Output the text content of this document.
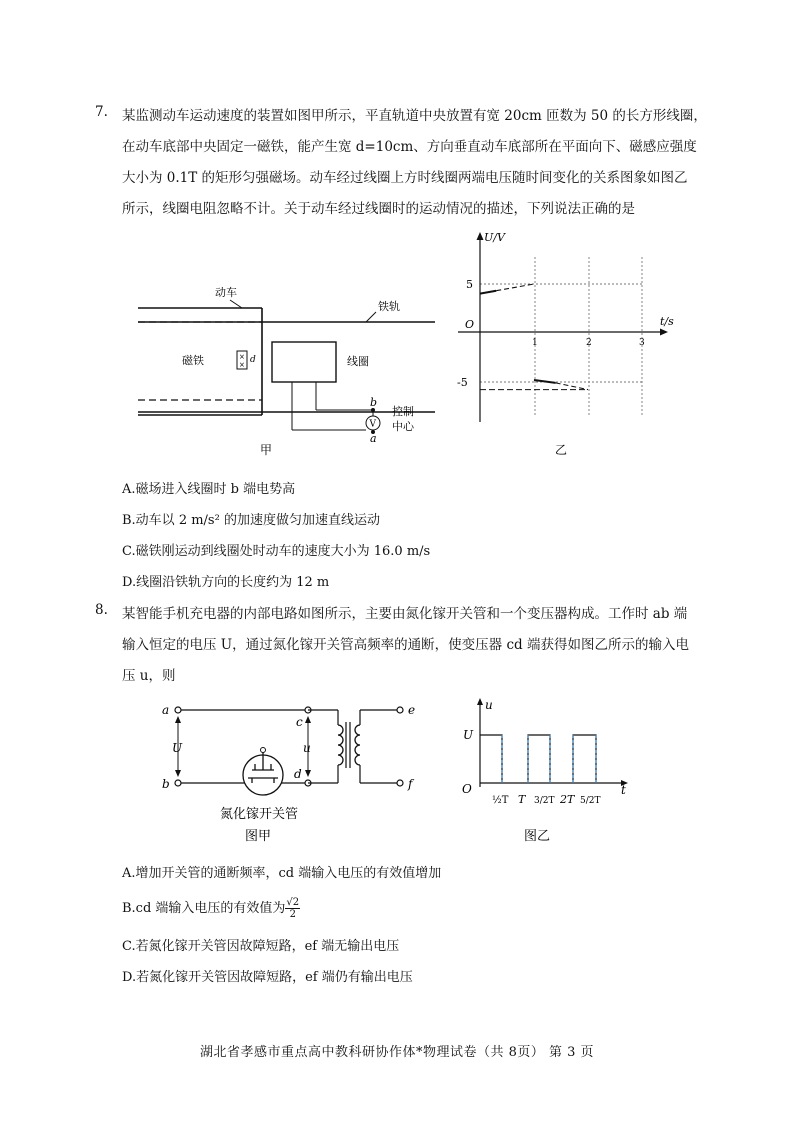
7. 某监测动车运动速度的装置如图甲所示，平直轨道中央放置有宽 20cm 匝数为 50 的长方形线圈，
在动车底部中央固定一磁铁，能产生宽 d=10cm、方向垂直动车底部所在平面向下、磁感应强度
大小为 0.1T 的矩形匀强磁场。动车经过线圈上方时线圈两端电压随时间变化的关系图象如图乙
所示，线圈电阻忽略不计。关于动车经过线圈时的运动情况的描述，下列说法正确的是
动车
铁轨
×
×
磁铁	d	线圈
V
b
a
控制
中心
甲
U/V
t/s
O
5
-5
1	2	3
乙
A.磁场进入线圈时 b 端电势高
B.动车以 2 m/s² 的加速度做匀加速直线运动
C.磁铁刚运动到线圈处时动车的速度大小为 16.0 m/s
D.线圈沿铁轨方向的长度约为 12 m
8. 某智能手机充电器的内部电路如图所示，主要由氮化镓开关管和一个变压器构成。工作时 ab 端
输入恒定的电压 U，通过氮化镓开关管高频率的通断，使变压器 cd 端获得如图乙所示的输入电
压 u，则
a
b
c
d
U	u
e
f
氮化镓开关管
图甲
u
t
O
U
½T T 3/2T 2T 5/2T
图乙
A.增加开关管的通断频率，cd 端输入电压的有效值增加
B.cd 端输入电压的有效值为 $\frac{√2}{2}$
C.若氮化镓开关管因故障短路，ef 端无输出电压
D.若氮化镓开关管因故障短路，ef 端仍有输出电压
湖北省孝感市重点高中教科研协作体*物理试卷（共 8页） 第 3 页
